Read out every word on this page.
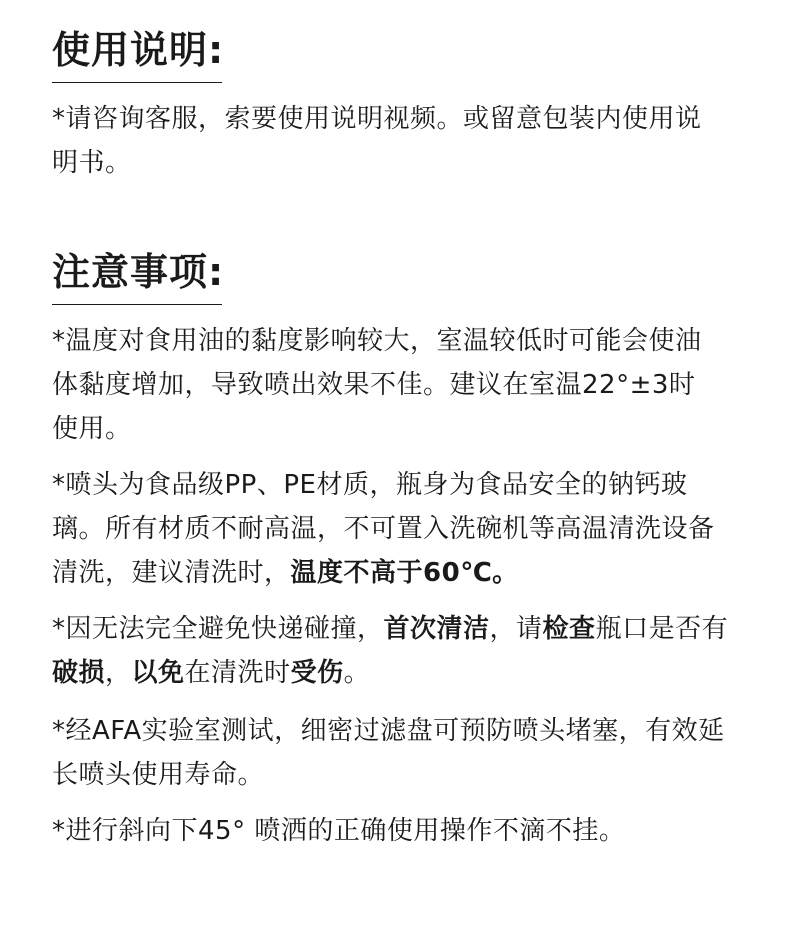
使用说明:

*请咨询客服，索要使用说明视频。或留意包装内使用说明书。

注意事项:

*温度对食用油的黏度影响较大，室温较低时可能会使油体黏度增加，导致喷出效果不佳。建议在室温22°±3时使用。

*喷头为食品级PP、PE材质，瓶身为食品安全的钠钙玻璃。所有材质不耐高温，不可置入洗碗机等高温清洗设备清洗，建议清洗时，温度不高于60℃。

*因无法完全避免快递碰撞，首次清洁，请检查瓶口是否有破损，以免在清洗时受伤。

*经AFA实验室测试，细密过滤盘可预防喷头堵塞，有效延长喷头使用寿命。

*进行斜向下45° 喷洒的正确使用操作不滴不挂。
